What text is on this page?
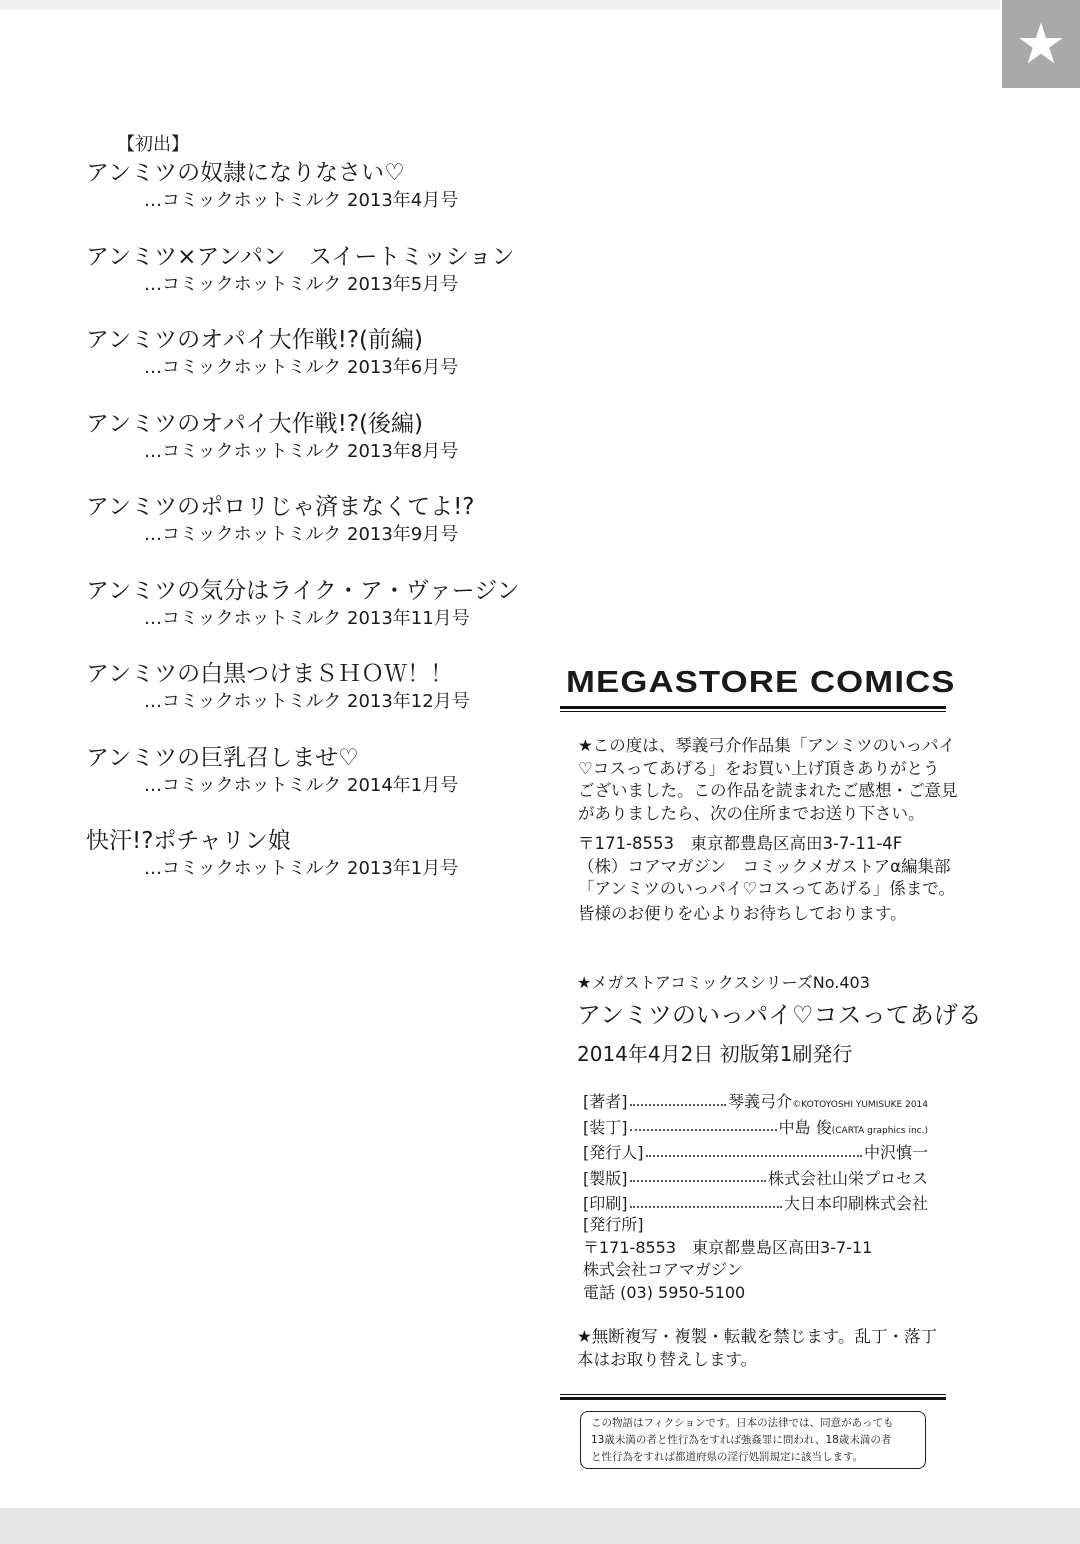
★
【初出】
アンミツの奴隷になりなさい♡
…コミックホットミルク 2013年4月号
アンミツ×アンパン　スイートミッション
…コミックホットミルク 2013年5月号
アンミツのオパイ大作戦!?(前編)
…コミックホットミルク 2013年6月号
アンミツのオパイ大作戦!?(後編)
…コミックホットミルク 2013年8月号
アンミツのポロリじゃ済まなくてよ!?
…コミックホットミルク 2013年9月号
アンミツの気分はライク・ア・ヴァージン
…コミックホットミルク 2013年11月号
アンミツの白黒つけまＳＨＯＷ！！
…コミックホットミルク 2013年12月号
アンミツの巨乳召しませ♡
…コミックホットミルク 2014年1月号
快汗!?ポチャリン娘
…コミックホットミルク 2013年1月号
MEGASTORE COMICS
★この度は、琴義弓介作品集「アンミツのいっパイ
♡コスってあげる」をお買い上げ頂きありがとう
ございました。この作品を読まれたご感想・ご意見
がありましたら、次の住所までお送り下さい。
〒171-8553　東京都豊島区高田3-7-11-4F
（株）コアマガジン　コミックメガストアα編集部
「アンミツのいっパイ♡コスってあげる」係まで。
皆様のお便りを心よりお待ちしております。
★メガストアコミックスシリーズNo.403
アンミツのいっパイ♡コスってあげる
2014年4月2日 初版第1刷発行
[著者]	琴義弓介©KOTOYOSHI YUMISUKE 2014
[装丁]	中島 俊(CARTA graphics inc.)
[発行人]	中沢慎一
[製版]	株式会社山栄プロセス
[印刷]	大日本印刷株式会社
[発行所]
〒171-8553　東京都豊島区高田3-7-11
株式会社コアマガジン
電話 (03) 5950-5100
★無断複写・複製・転載を禁じます。乱丁・落丁
本はお取り替えします。
この物語はフィクションです。日本の法律では、同意があっても
13歳未満の者と性行為をすれば強姦罪に問われ、18歳未満の者
と性行為をすれば都道府県の淫行処罰規定に該当します。
